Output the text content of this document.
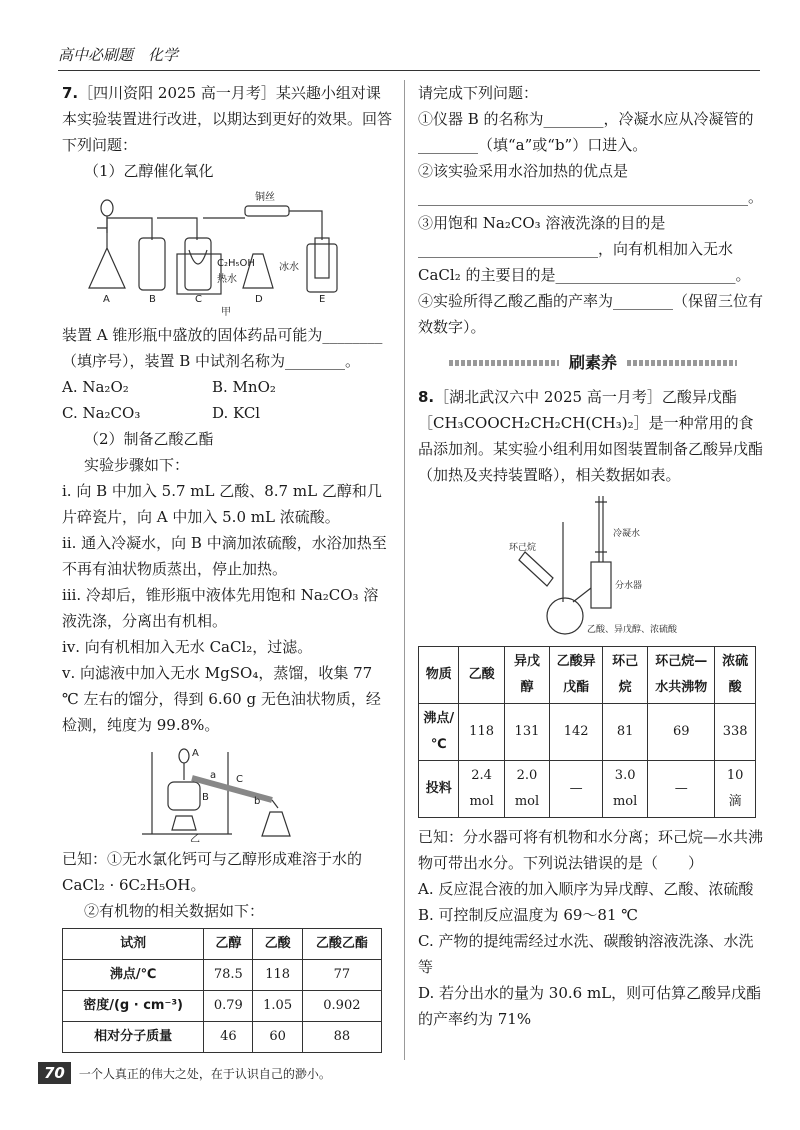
高中必刷题　化学

7.［四川资阳 2025 高一月考］某兴趣小组对课本实验装置进行改进，以期达到更好的效果。回答下列问题：

（1）乙醇催化氧化

铜丝
C₂H₅OH
热水
冰水
A	B	C	D	E
甲

装置 A 锥形瓶中盛放的固体药品可能为________（填序号），装置 B 中试剂名称为________。

A. Na₂O₂	B. MnO₂
C. Na₂CO₃	D. KCl

（2）制备乙酸乙酯

实验步骤如下：

ⅰ. 向 B 中加入 5.7 mL 乙酸、8.7 mL 乙醇和几片碎瓷片，向 A 中加入 5.0 mL 浓硫酸。

ⅱ. 通入冷凝水，向 B 中滴加浓硫酸，水浴加热至不再有油状物质蒸出，停止加热。

ⅲ. 冷却后，锥形瓶中液体先用饱和 Na₂CO₃ 溶液洗涤，分离出有机相。

ⅳ. 向有机相加入无水 CaCl₂，过滤。

ⅴ. 向滤液中加入无水 MgSO₄，蒸馏，收集 77 ℃ 左右的馏分，得到 6.60 g 无色油状物质，经检测，纯度为 99.8%。

A
B
a
b
C
乙

已知：①无水氯化钙可与乙醇形成难溶于水的 CaCl₂ · 6C₂H₅OH。

②有机物的相关数据如下：

试剂	乙醇	乙酸	乙酸乙酯
沸点/℃	78.5	118	77
密度/(g · cm⁻³)	0.79	1.05	0.902
相对分子质量	46	60	88

请完成下列问题：

①仪器 B 的名称为________，冷凝水应从冷凝管的________（填“a”或“b”）口进入。

②该实验采用水浴加热的优点是____________________________________________。

③用饱和 Na₂CO₃ 溶液洗涤的目的是________________________，向有机相加入无水 CaCl₂ 的主要目的是________________________。

④实验所得乙酸乙酯的产率为________（保留三位有效数字）。

刷素养

8.［湖北武汉六中 2025 高一月考］乙酸异戊酯［CH₃COOCH₂CH₂CH(CH₃)₂］是一种常用的食品添加剂。某实验小组利用如图装置制备乙酸异戊酯（加热及夹持装置略），相关数据如表。

环己烷
冷凝水
分水器
乙酸、异戊醇、浓硫酸
物质	乙酸	异戊醇	乙酸异戊酯	环己烷	环己烷—水共沸物	浓硫酸
沸点/℃	118	131	142	81	69	338
投料	2.4 mol	2.0 mol	—	3.0 mol	—	10 滴

已知：分水器可将有机物和水分离；环己烷—水共沸物可带出水分。下列说法错误的是（　　）

A. 反应混合液的加入顺序为异戊醇、乙酸、浓硫酸

B. 可控制反应温度为 69～81 ℃

C. 产物的提纯需经过水洗、碳酸钠溶液洗涤、水洗等

D. 若分出水的量为 30.6 mL，则可估算乙酸异戊酯的产率约为 71%

70	一个人真正的伟大之处，在于认识自己的渺小。
